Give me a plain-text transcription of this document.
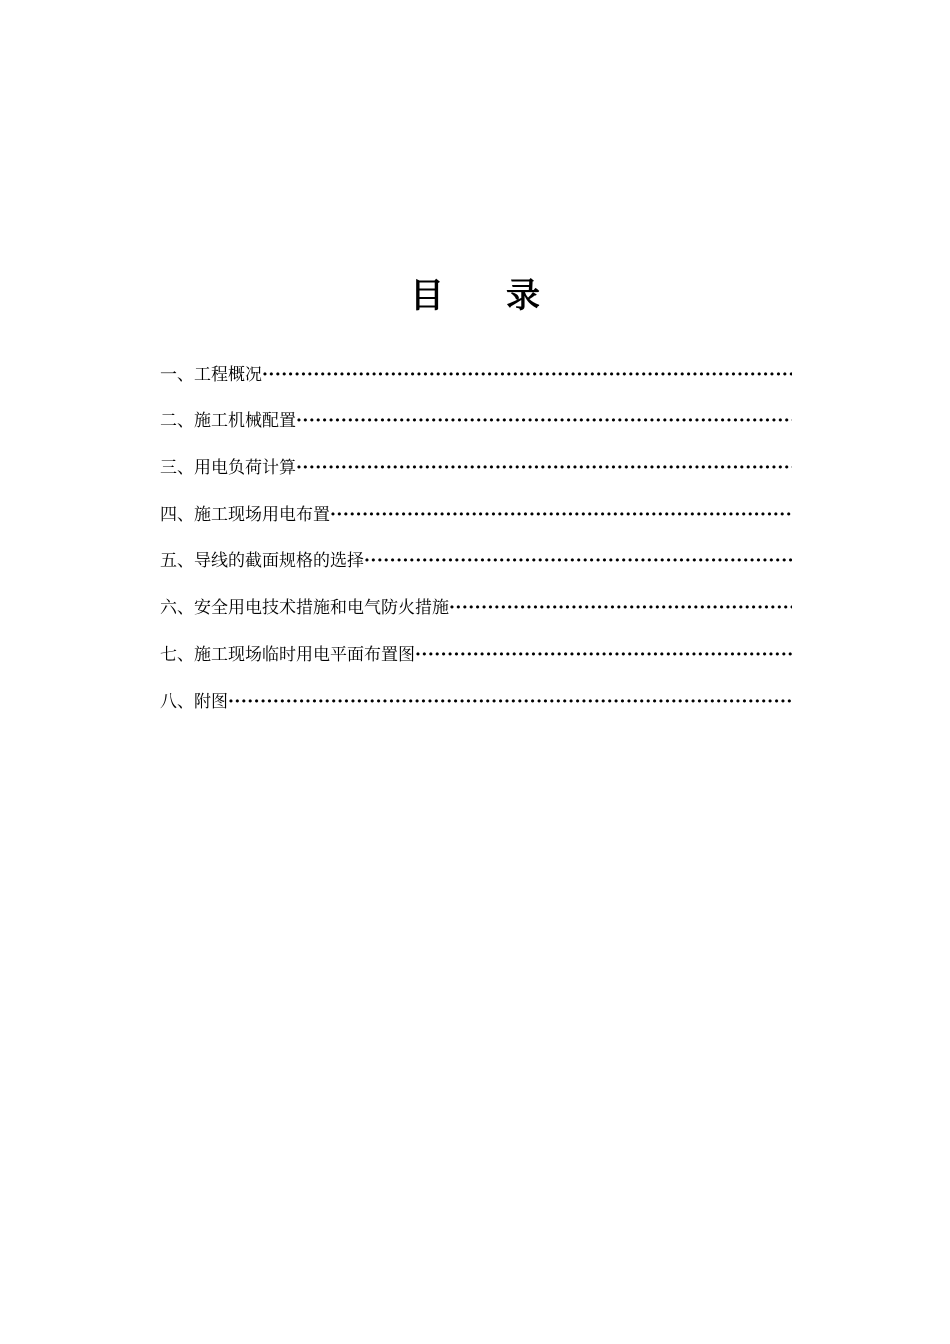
目 录
一、工程概况
·····
二、施工机械配置
·····
三、用电负荷计算
·····
四、施工现场用电布置
·····
五、导线的截面规格的选择
·····
六、安全用电技术措施和电气防火措施
·····
七、施工现场临时用电平面布置图
·····
八、附图
·····
